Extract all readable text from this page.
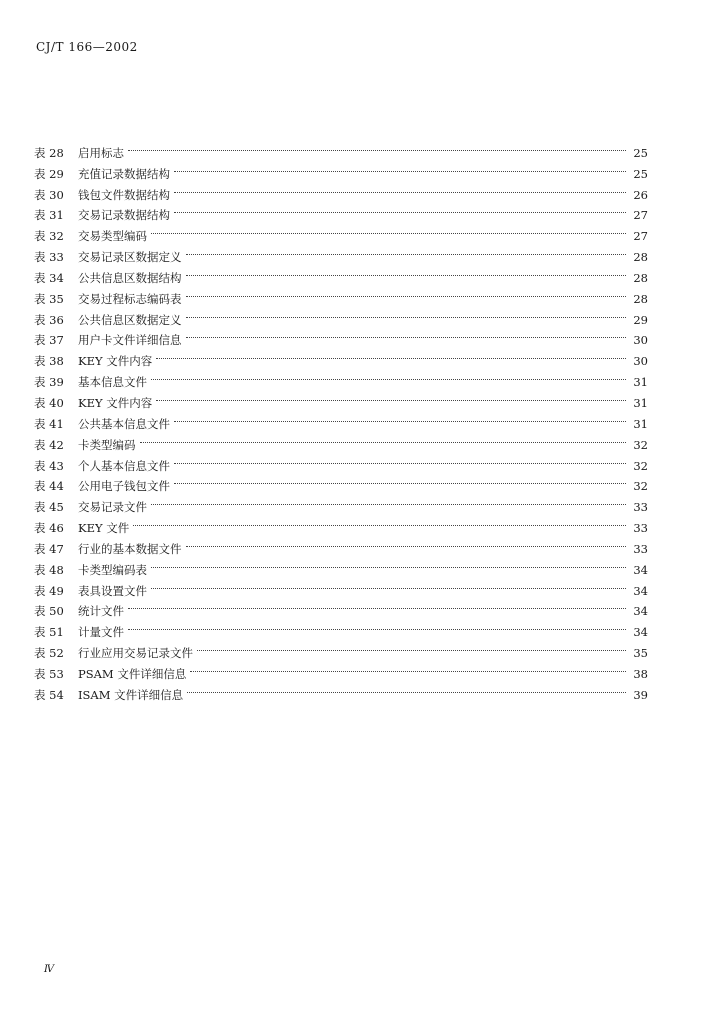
CJ/T 166—2002
表 28	启用标志	25
表 29	充值记录数据结构	25
表 30	钱包文件数据结构	26
表 31	交易记录数据结构	27
表 32	交易类型编码	27
表 33	交易记录区数据定义	28
表 34	公共信息区数据结构	28
表 35	交易过程标志编码表	28
表 36	公共信息区数据定义	29
表 37	用户卡文件详细信息	30
表 38	KEY 文件内容	30
表 39	基本信息文件	31
表 40	KEY 文件内容	31
表 41	公共基本信息文件	31
表 42	卡类型编码	32
表 43	个人基本信息文件	32
表 44	公用电子钱包文件	32
表 45	交易记录文件	33
表 46	KEY 文件	33
表 47	行业的基本数据文件	33
表 48	卡类型编码表	34
表 49	表具设置文件	34
表 50	统计文件	34
表 51	计量文件	34
表 52	行业应用交易记录文件	35
表 53	PSAM 文件详细信息	38
表 54	ISAM 文件详细信息	39
Ⅳ
